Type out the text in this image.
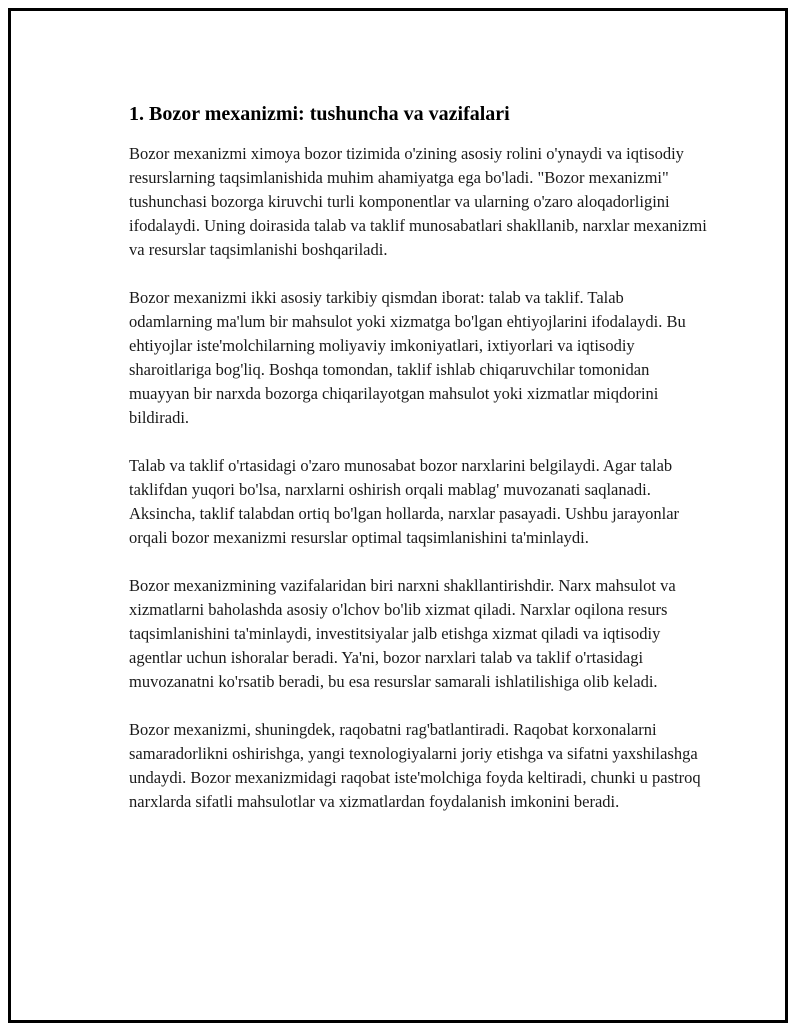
1. Bozor mexanizmi: tushuncha va vazifalari

Bozor mexanizmi ximoya bozor tizimida o'zining asosiy rolini o'ynaydi va iqtisodiy resurslarning taqsimlanishida muhim ahamiyatga ega bo'ladi. "Bozor mexanizmi" tushunchasi bozorga kiruvchi turli komponentlar va ularning o'zaro aloqadorligini ifodalaydi. Uning doirasida talab va taklif munosabatlari shakllanib, narxlar mexanizmi va resurslar taqsimlanishi boshqariladi.

Bozor mexanizmi ikki asosiy tarkibiy qismdan iborat: talab va taklif. Talab odamlarning ma'lum bir mahsulot yoki xizmatga bo'lgan ehtiyojlarini ifodalaydi. Bu ehtiyojlar iste'molchilarning moliyaviy imkoniyatlari, ixtiyorlari va iqtisodiy sharoitlariga bog'liq. Boshqa tomondan, taklif ishlab chiqaruvchilar tomonidan muayyan bir narxda bozorga chiqarilayotgan mahsulot yoki xizmatlar miqdorini bildiradi.

Talab va taklif o'rtasidagi o'zaro munosabat bozor narxlarini belgilaydi. Agar talab taklifdan yuqori bo'lsa, narxlarni oshirish orqali mablag' muvozanati saqlanadi. Aksincha, taklif talabdan ortiq bo'lgan hollarda, narxlar pasayadi. Ushbu jarayonlar orqali bozor mexanizmi resurslar optimal taqsimlanishini ta'minlaydi.

Bozor mexanizmining vazifalaridan biri narxni shakllantirishdir. Narx mahsulot va xizmatlarni baholashda asosiy o'lchov bo'lib xizmat qiladi. Narxlar oqilona resurs taqsimlanishini ta'minlaydi, investitsiyalar jalb etishga xizmat qiladi va iqtisodiy agentlar uchun ishoralar beradi. Ya'ni, bozor narxlari talab va taklif o'rtasidagi muvozanatni ko'rsatib beradi, bu esa resurslar samarali ishlatilishiga olib keladi.

Bozor mexanizmi, shuningdek, raqobatni rag'batlantiradi. Raqobat korxonalarni samaradorlikni oshirishga, yangi texnologiyalarni joriy etishga va sifatni yaxshilashga undaydi. Bozor mexanizmidagi raqobat iste'molchiga foyda keltiradi, chunki u pastroq narxlarda sifatli mahsulotlar va xizmatlardan foydalanish imkonini beradi.
